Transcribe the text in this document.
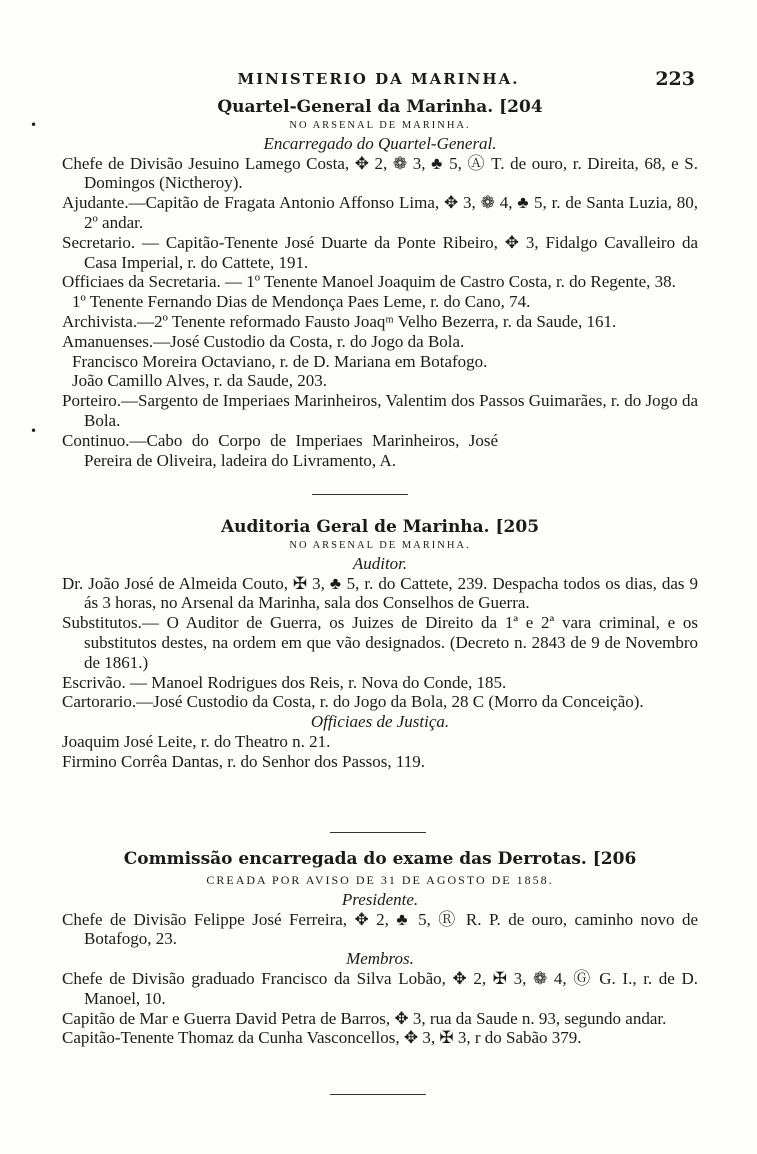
MINISTERIO DA MARINHA.	223
•
•
Quartel-General da Marinha. [204
NO ARSENAL DE MARINHA.
Encarregado do Quartel-General.
Chefe de Divisão Jesuino Lamego Costa, ✥ 2, ❁ 3, ♣ 5, Ⓐ T. de ouro, r. Direita, 68, e S. Domingos (Nictheroy).
Ajudante.—Capitão de Fragata Antonio Affonso Lima, ✥ 3, ❁ 4, ♣ 5, r. de Santa Luzia, 80, 2º andar.
Secretario. — Capitão-Tenente José Duarte da Ponte Ribeiro, ✥ 3, Fidalgo Cavalleiro da Casa Imperial, r. do Cattete, 191.
Officiaes da Secretaria. — 1º Tenente Manoel Joaquim de Castro Costa, r. do Regente, 38.
1º Tenente Fernando Dias de Mendonça Paes Leme, r. do Cano, 74.
Archivista.—2º Tenente reformado Fausto Joaqᵐ Velho Bezerra, r. da Saude, 161.
Amanuenses.—José Custodio da Costa, r. do Jogo da Bola.
Francisco Moreira Octaviano, r. de D. Mariana em Botafogo.
João Camillo Alves, r. da Saude, 203.
Porteiro.—Sargento de Imperiaes Marinheiros, Valentim dos Passos Guimarães, r. do Jogo da Bola.
Continuo.—Cabo do Corpo de Imperiaes Marinheiros, José Pereira de Oliveira, ladeira do Livramento, A.
Auditoria Geral de Marinha. [205
NO ARSENAL DE MARINHA.
Auditor.
Dr. João José de Almeida Couto, ✠ 3, ♣ 5, r. do Cattete, 239. Despacha todos os dias, das 9 ás 3 horas, no Arsenal da Marinha, sala dos Conselhos de Guerra.
Substitutos.— O Auditor de Guerra, os Juizes de Direito da 1ª e 2ª vara criminal, e os substitutos destes, na ordem em que vão designados. (Decreto n. 2843 de 9 de Novembro de 1861.)
Escrivão. — Manoel Rodrigues dos Reis, r. Nova do Conde, 185.
Cartorario.—José Custodio da Costa, r. do Jogo da Bola, 28 C (Morro da Conceição).
Officiaes de Justiça.
Joaquim José Leite, r. do Theatro n. 21.
Firmino Corrêa Dantas, r. do Senhor dos Passos, 119.
Commissão encarregada do exame das Derrotas. [206
CREADA POR AVISO DE 31 DE AGOSTO DE 1858.
Presidente.
Chefe de Divisão Felippe José Ferreira, ✥ 2, ♣ 5, Ⓡ R. P. de ouro, caminho novo de Botafogo, 23.
Membros.
Chefe de Divisão graduado Francisco da Silva Lobão, ✥ 2, ✠ 3, ❁ 4, Ⓖ G. I., r. de D. Manoel, 10.
Capitão de Mar e Guerra David Petra de Barros, ✥ 3, rua da Saude n. 93, segundo andar.
Capitão-Tenente Thomaz da Cunha Vasconcellos, ✥ 3, ✠ 3, r do Sabão 379.
